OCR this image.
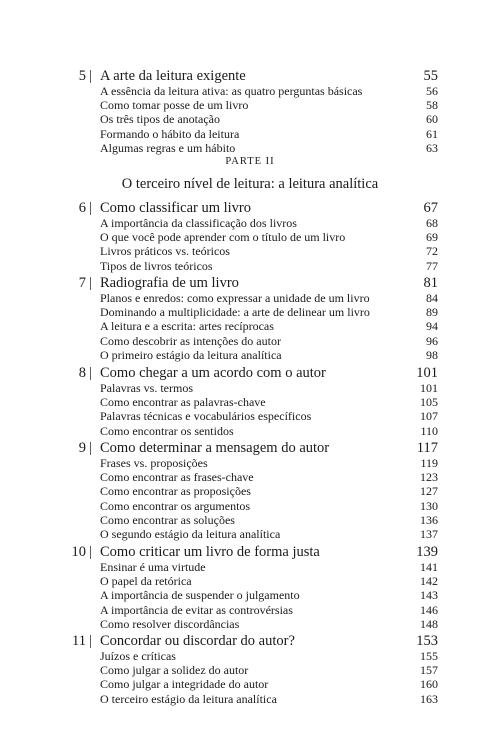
PARTE II
O terceiro nível de leitura: a leitura analítica
5 | A arte da leitura exigente	55
A essência da leitura ativa: as quatro perguntas básicas	56
Como tomar posse de um livro	58
Os três tipos de anotação	60
Formando o hábito da leitura	61
Algumas regras e um hábito	63
6 | Como classificar um livro	67
A importância da classificação dos livros	68
O que você pode aprender com o título de um livro	69
Livros práticos vs. teóricos	72
Tipos de livros teóricos	77
7 | Radiografia de um livro	81
Planos e enredos: como expressar a unidade de um livro	84
Dominando a multiplicidade: a arte de delinear um livro	89
A leitura e a escrita: artes recíprocas	94
Como descobrir as intenções do autor	96
O primeiro estágio da leitura analítica	98
8 | Como chegar a um acordo com o autor	101
Palavras vs. termos	101
Como encontrar as palavras-chave	105
Palavras técnicas e vocabulários específicos	107
Como encontrar os sentidos	110
9 | Como determinar a mensagem do autor	117
Frases vs. proposições	119
Como encontrar as frases-chave	123
Como encontrar as proposições	127
Como encontrar os argumentos	130
Como encontrar as soluções	136
O segundo estágio da leitura analítica	137
10 | Como criticar um livro de forma justa	139
Ensinar é uma virtude	141
O papel da retórica	142
A importância de suspender o julgamento	143
A importância de evitar as controvérsias	146
Como resolver discordâncias	148
11 | Concordar ou discordar do autor?	153
Juízos e críticas	155
Como julgar a solidez do autor	157
Como julgar a integridade do autor	160
O terceiro estágio da leitura analítica	163
